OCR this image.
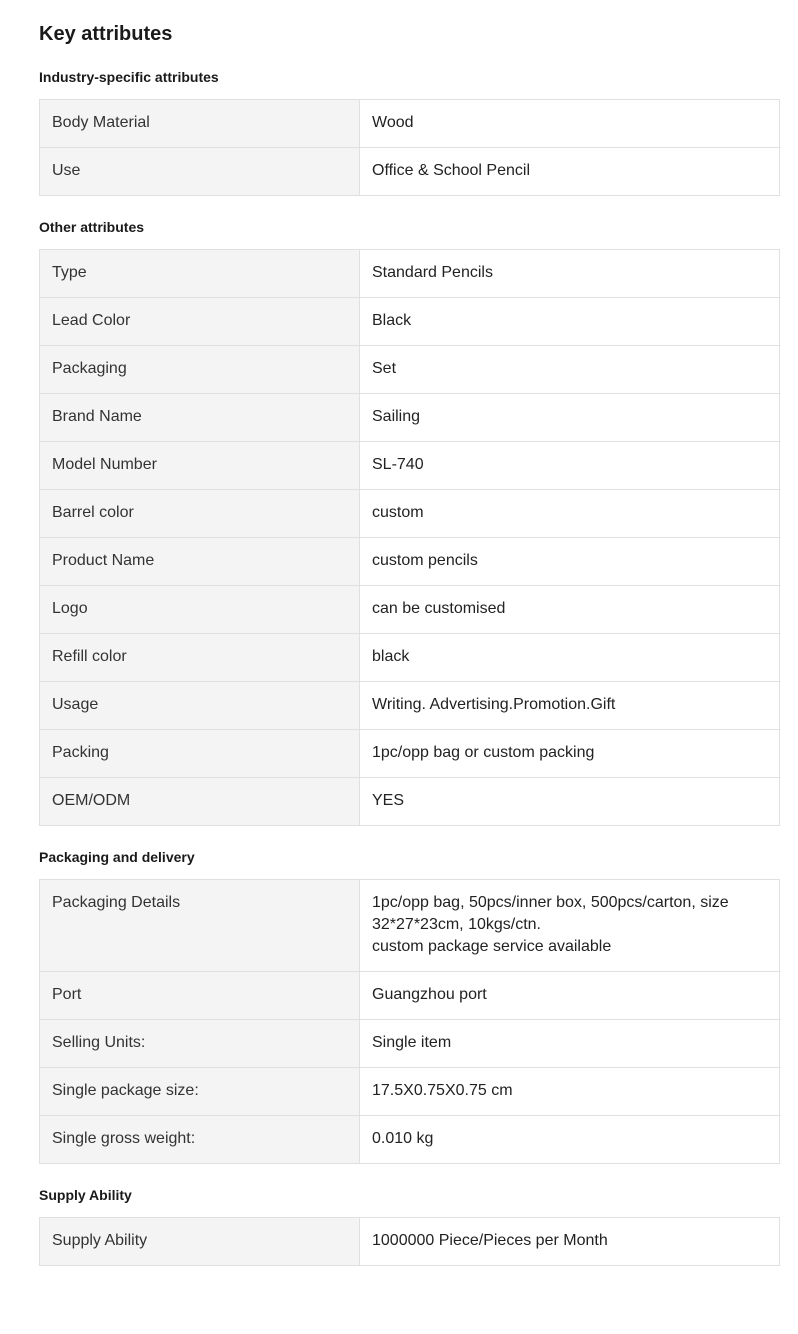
Key attributes
Industry-specific attributes
Body Material	Wood
Use	Office & School Pencil
Other attributes
Type	Standard Pencils
Lead Color	Black
Packaging	Set
Brand Name	Sailing
Model Number	SL-740
Barrel color	custom
Product Name	custom pencils
Logo	can be customised
Refill color	black
Usage	Writing. Advertising.Promotion.Gift
Packing	1pc/opp bag or custom packing
OEM/ODM	YES
Packaging and delivery
Packaging Details	1pc/opp bag, 50pcs/inner box, 500pcs/carton, size
32*27*23cm, 10kgs/ctn.
custom package service available

Port	Guangzhou port
Selling Units:	Single item
Single package size:	17.5X0.75X0.75 cm
Single gross weight:	0.010 kg
Supply Ability
Supply Ability	1000000 Piece/Pieces per Month
